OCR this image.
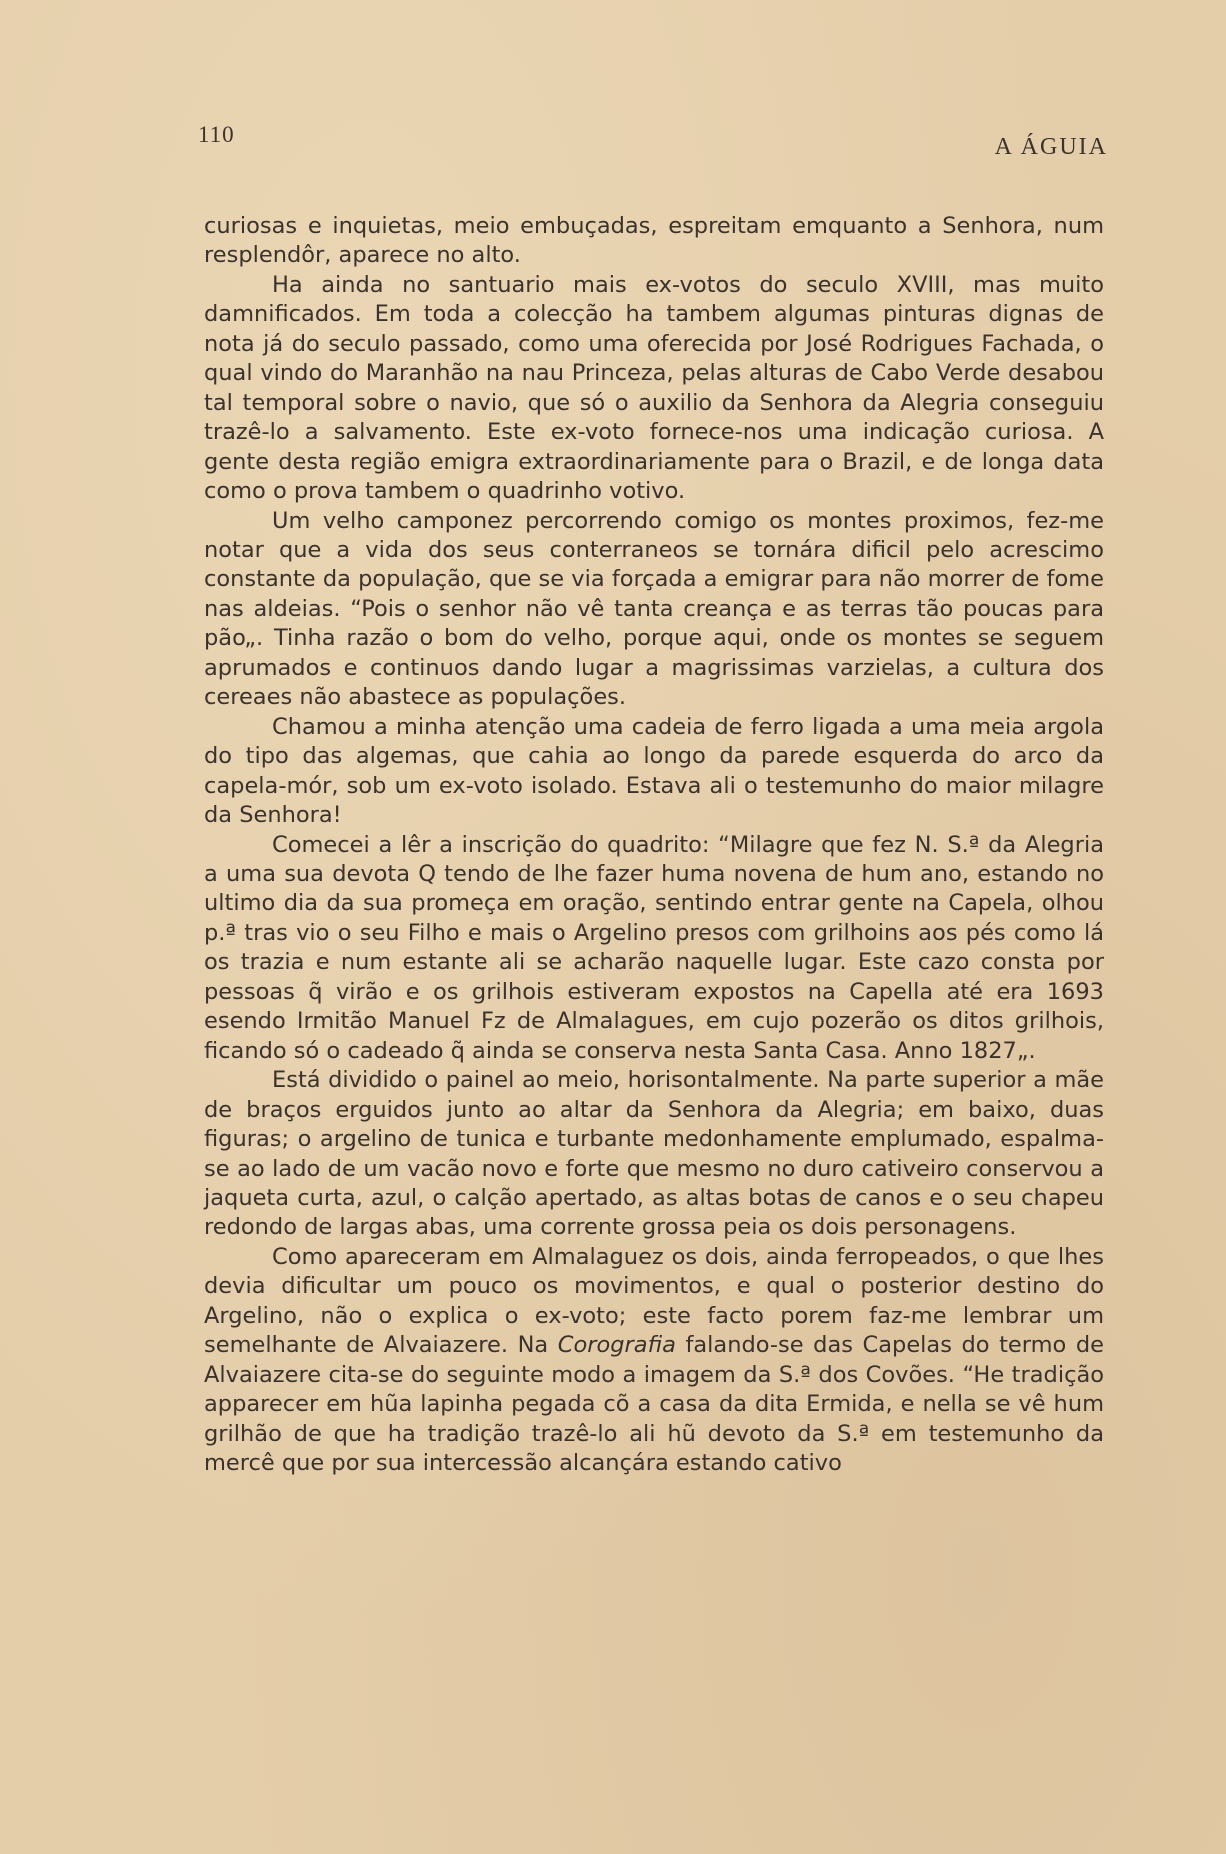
110	A ÁGUIA

curiosas e inquietas, meio embuçadas, espreitam emquanto a Senhora, num resplendôr, aparece no alto.

Ha ainda no santuario mais ex-votos do seculo XVIII, mas muito damnificados. Em toda a colecção ha tambem algumas pinturas dignas de nota já do seculo passado, como uma oferecida por José Rodrigues Fachada, o qual vindo do Maranhão na nau Princeza, pelas alturas de Cabo Verde desabou tal temporal sobre o navio, que só o auxilio da Senhora da Alegria conseguiu trazê-lo a salvamento. Este ex-voto fornece-nos uma indicação curiosa. A gente desta região emigra extraordinariamente para o Brazil, e de longa data como o prova tambem o quadrinho votivo.

Um velho camponez percorrendo comigo os montes proximos, fez-me notar que a vida dos seus conterraneos se tornára dificil pelo acrescimo constante da população, que se via forçada a emigrar para não morrer de fome nas aldeias. “Pois o senhor não vê tanta creança e as terras tão poucas para pão„. Tinha razão o bom do velho, porque aqui, onde os montes se seguem aprumados e continuos dando lugar a magrissimas varzielas, a cultura dos cereaes não abastece as populações.

Chamou a minha atenção uma cadeia de ferro ligada a uma meia argola do tipo das algemas, que cahia ao longo da parede esquerda do arco da capela-mór, sob um ex-voto isolado. Estava ali o testemunho do maior milagre da Senhora!

Comecei a lêr a inscrição do quadrito: “Milagre que fez N. S.ª da Alegria a uma sua devota Q tendo de lhe fazer huma novena de hum ano, estando no ultimo dia da sua promeça em oração, sentindo entrar gente na Capela, olhou p.ª tras vio o seu Filho e mais o Argelino presos com grilhoins aos pés como lá os trazia e num estante ali se acharão naquelle lugar. Este cazo consta por pessoas q̃ virão e os grilhois estiveram expostos na Capella até era 1693 esendo Irmitão Manuel Fz de Almalagues, em cujo pozerão os ditos grilhois, ficando só o cadeado q̃ ainda se conserva nesta Santa Casa. Anno 1827„.

Está dividido o painel ao meio, horisontalmente. Na parte superior a mãe de braços erguidos junto ao altar da Senhora da Alegria; em baixo, duas figuras; o argelino de tunica e turbante medonhamente emplumado, espalma-se ao lado de um vacão novo e forte que mesmo no duro cativeiro conservou a jaqueta curta, azul, o calção apertado, as altas botas de canos e o seu chapeu redondo de largas abas, uma corrente grossa peia os dois personagens.

Como apareceram em Almalaguez os dois, ainda ferropeados, o que lhes devia dificultar um pouco os movimentos, e qual o posterior destino do Argelino, não o explica o ex-voto; este facto porem faz-me lembrar um semelhante de Alvaiazere. Na Corografia falando-se das Capelas do termo de Alvaiazere cita-se do seguinte modo a imagem da S.ª dos Covões. “He tradição apparecer em hũa lapinha pegada cõ a casa da dita Ermida, e nella se vê hum grilhão de que ha tradição trazê-lo ali hũ devoto da S.ª em testemunho da mercê que por sua intercessão alcançára estando cativo
